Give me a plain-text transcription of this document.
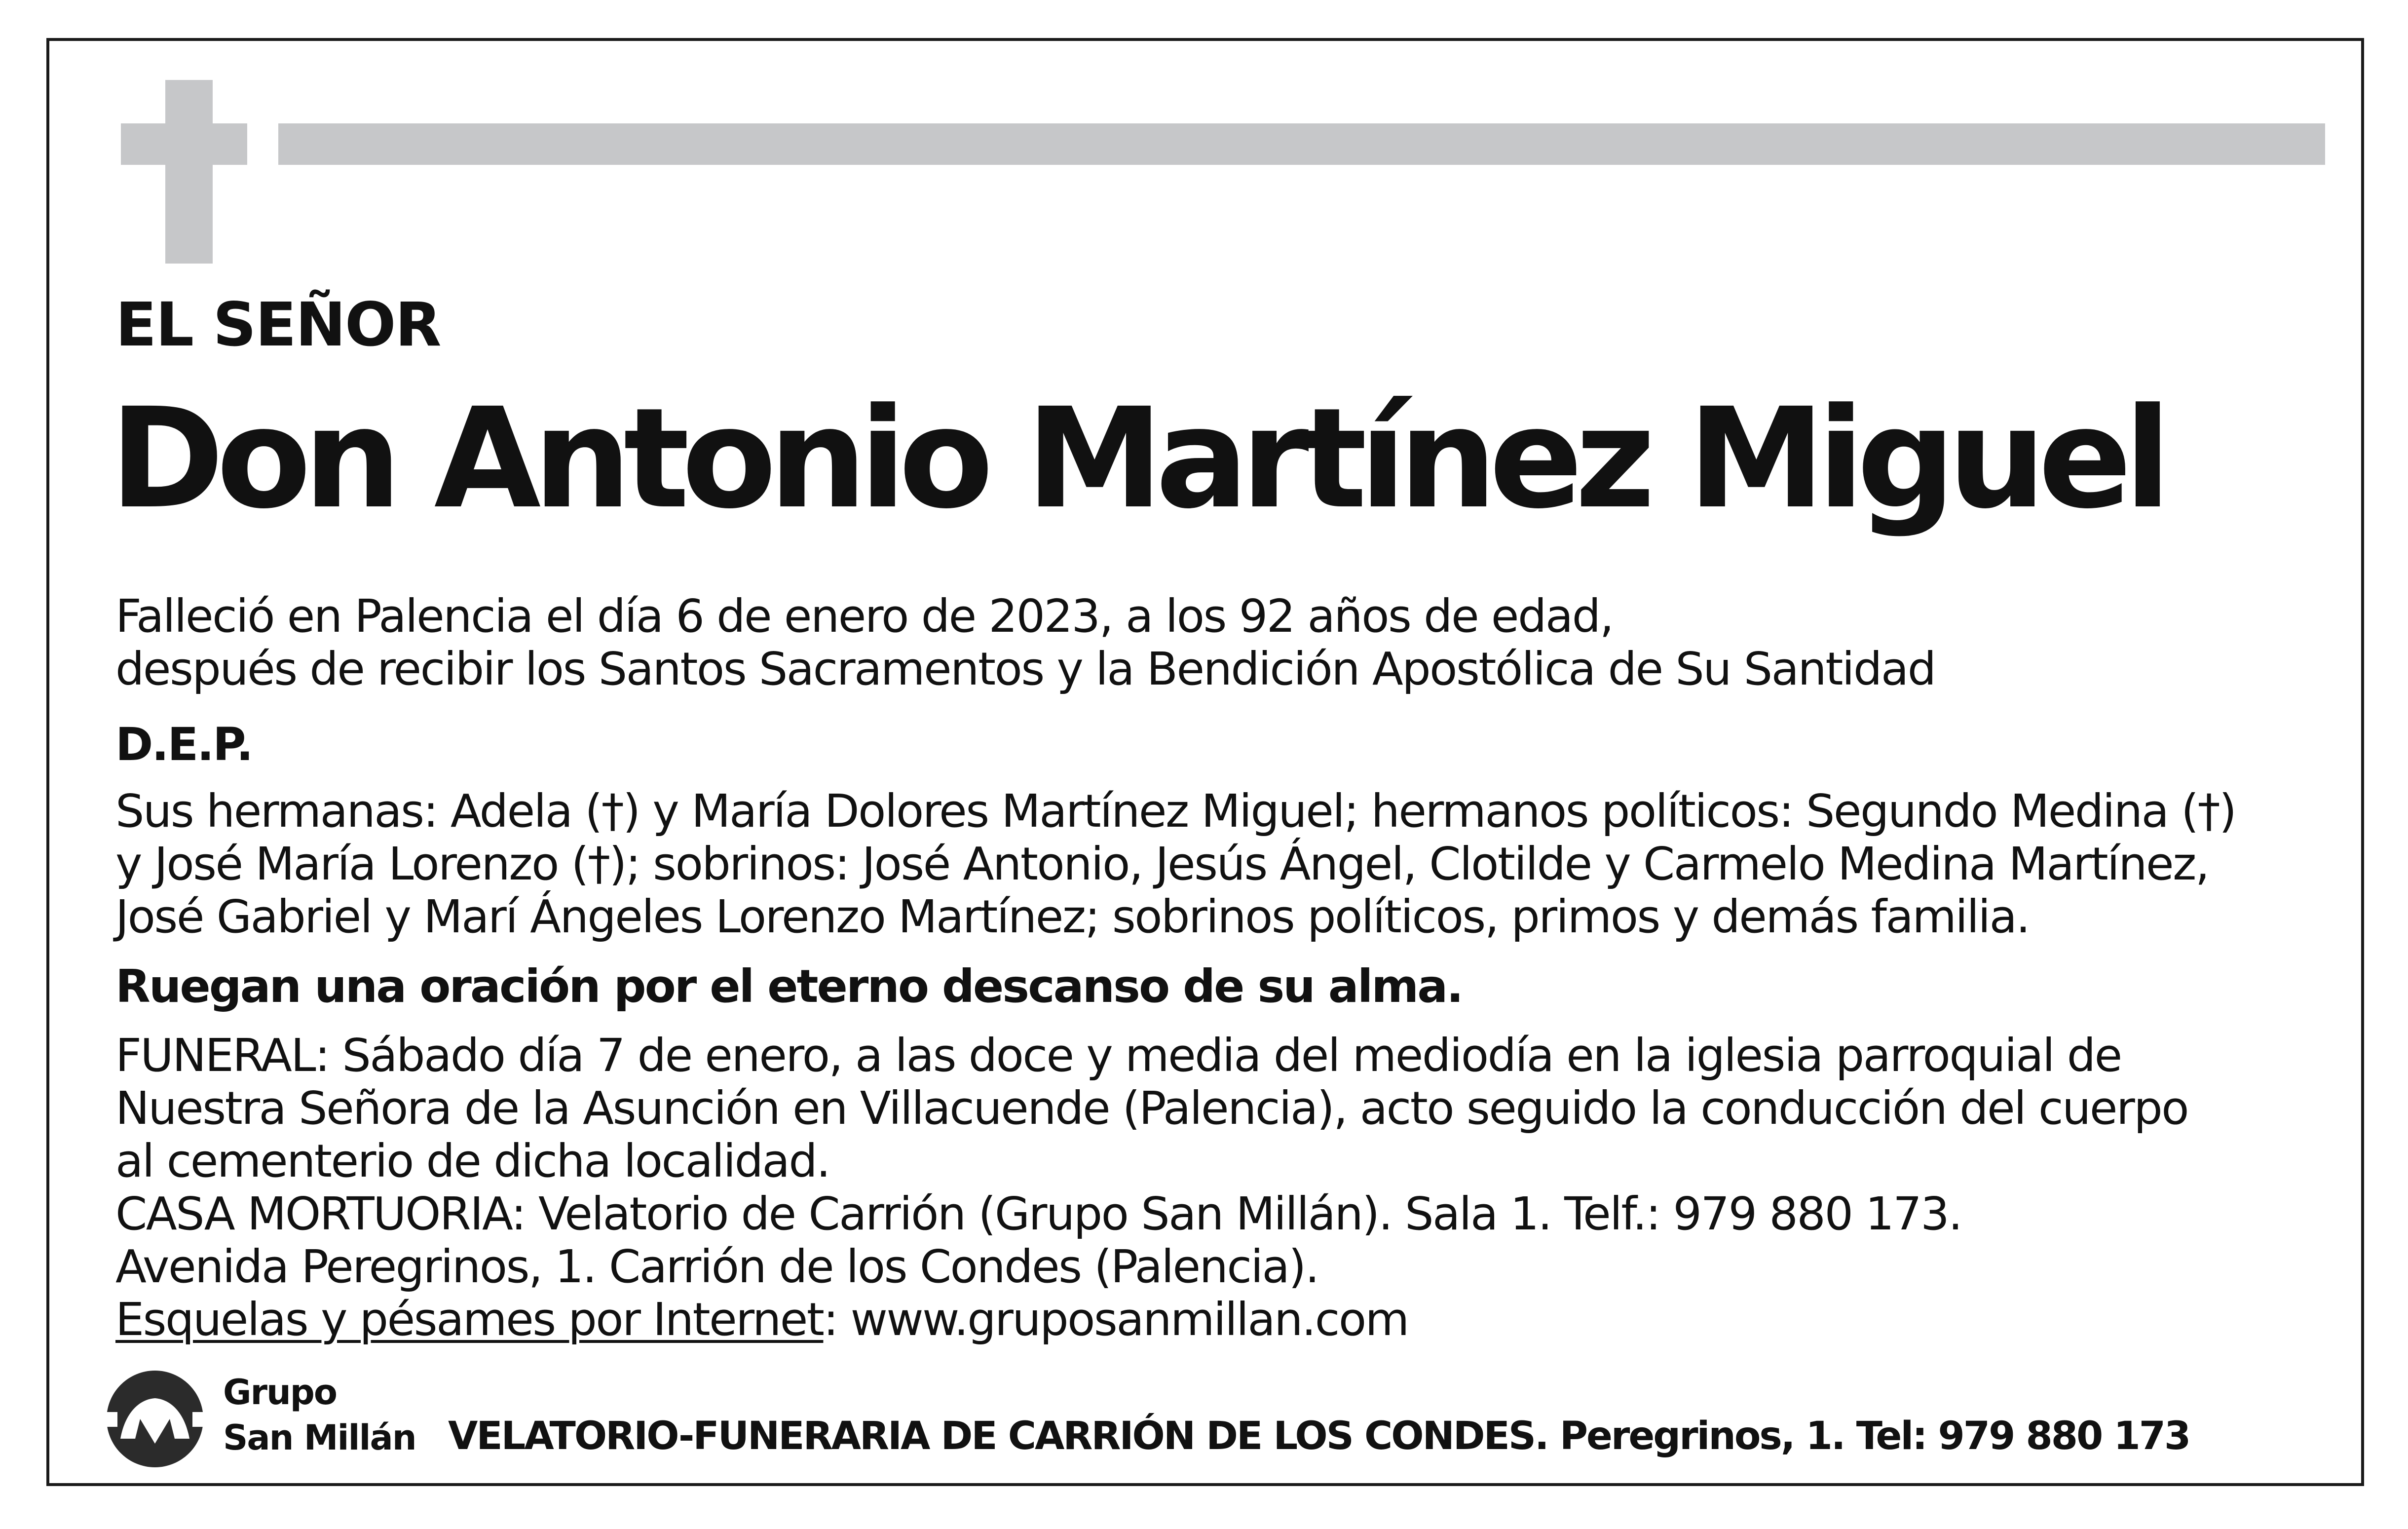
EL SEÑOR
Don Antonio Martínez Miguel
Falleció en Palencia el día 6 de enero de 2023, a los 92 años de edad,
después de recibir los Santos Sacramentos y la Bendición Apostólica de Su Santidad
D.E.P.
Sus hermanas: Adela (†) y María Dolores Martínez Miguel; hermanos políticos: Segundo Medina (†)
y José María Lorenzo (†); sobrinos: José Antonio, Jesús Ángel, Clotilde y Carmelo Medina Martínez,
José Gabriel y Marí Ángeles Lorenzo Martínez; sobrinos políticos, primos y demás familia.
Ruegan una oración por el eterno descanso de su alma.
FUNERAL: Sábado día 7 de enero, a las doce y media del mediodía en la iglesia parroquial de
Nuestra Señora de la Asunción en Villacuende (Palencia), acto seguido la conducción del cuerpo
al cementerio de dicha localidad.
CASA MORTUORIA: Velatorio de Carrión (Grupo San Millán). Sala 1. Telf.: 979 880 173.
Avenida Peregrinos, 1. Carrión de los Condes (Palencia).
Esquelas y pésames por Internet: www.gruposanmillan.com
Grupo
San Millán VELATORIO-FUNERARIA DE CARRIÓN DE LOS CONDES. Peregrinos, 1. Tel: 979 880 173
